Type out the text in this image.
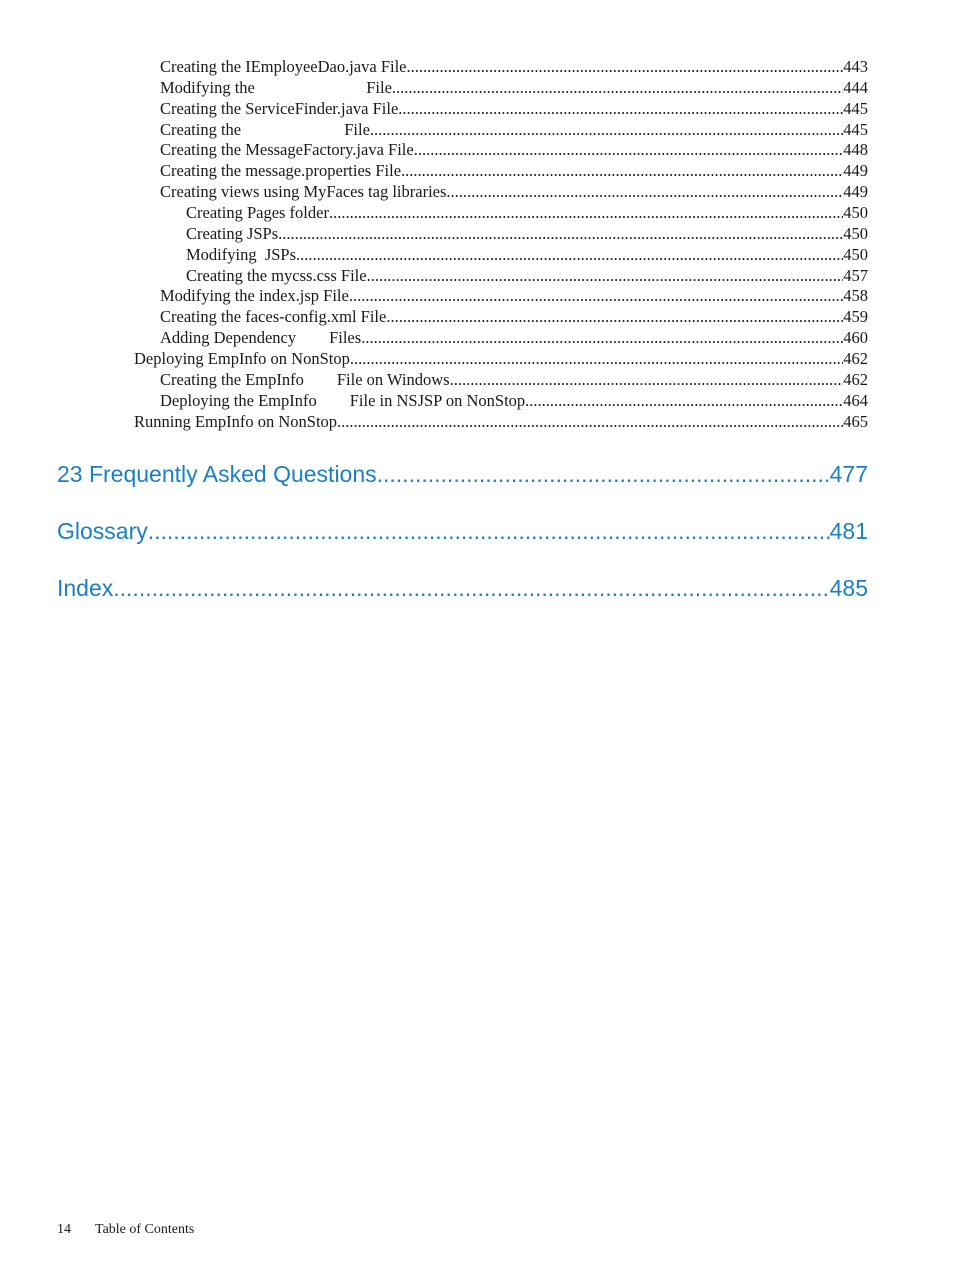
Creating the IEmployeeDao.java File .....	443
Modifying the                           File .....	444
Creating the ServiceFinder.java File .....	445
Creating the                         File .....	445
Creating the MessageFactory.java File .....	448
Creating the message.properties File .....	449
Creating views using MyFaces tag libraries .....	449
Creating Pages folder .....	450
Creating JSPs .....	450
Modifying  JSPs .....	450
Creating the mycss.css File .....	457
Modifying the index.jsp File .....	458
Creating the faces-config.xml File .....	459
Adding Dependency        Files .....	460
Deploying EmpInfo on NonStop .....	462
Creating the EmpInfo        File on Windows .....	462
Deploying the EmpInfo        File in NSJSP on NonStop .....	464
Running EmpInfo on NonStop .....	465
23 Frequently Asked Questions .....	477
Glossary .....	481
Index .....	485
14 Table of Contents
